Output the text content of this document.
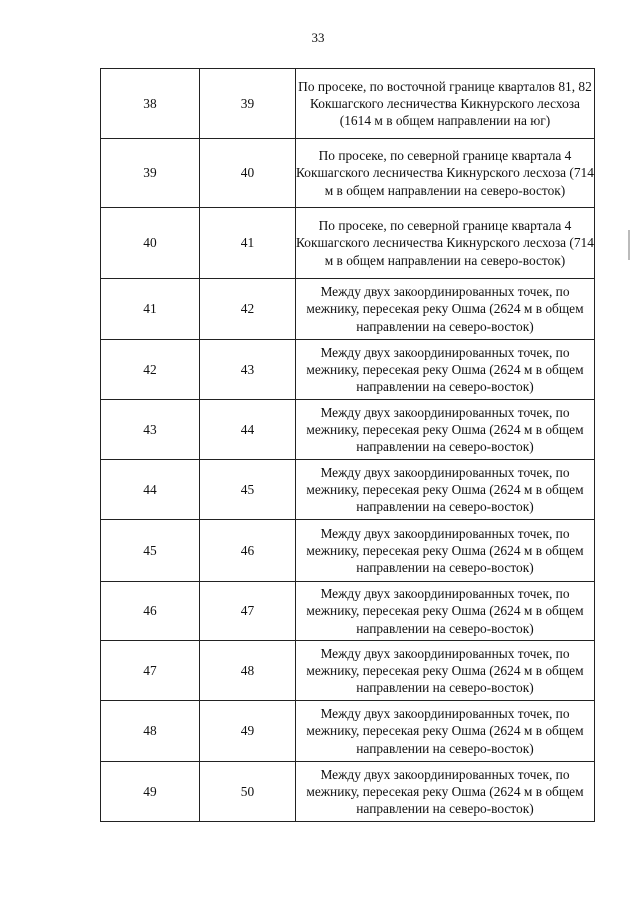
33
38	39	По просеке, по восточной границе кварталов 81, 82 Кокшагского лесничества Кикнурского лесхоза (1614 м в общем направлении на юг)
39	40	По просеке, по северной границе квартала 4 Кокшагского лесничества Кикнурского лесхоза (714 м в общем направлении на северо-восток)
40	41	По просеке, по северной границе квартала 4 Кокшагского лесничества Кикнурского лесхоза (714 м в общем направлении на северо-восток)
41	42	Между двух закоординированных точек, по межнику, пересекая реку Ошма (2624 м в общем направлении на северо-восток)
42	43	Между двух закоординированных точек, по межнику, пересекая реку Ошма (2624 м в общем направлении на северо-восток)
43	44	Между двух закоординированных точек, по межнику, пересекая реку Ошма (2624 м в общем направлении на северо-восток)
44	45	Между двух закоординированных точек, по межнику, пересекая реку Ошма (2624 м в общем направлении на северо-восток)
45	46	Между двух закоординированных точек, по межнику, пересекая реку Ошма (2624 м в общем направлении на северо-восток)
46	47	Между двух закоординированных точек, по межнику, пересекая реку Ошма (2624 м в общем направлении на северо-восток)
47	48	Между двух закоординированных точек, по межнику, пересекая реку Ошма (2624 м в общем направлении на северо-восток)
48	49	Между двух закоординированных точек, по межнику, пересекая реку Ошма (2624 м в общем направлении на северо-восток)
49	50	Между двух закоординированных точек, по межнику, пересекая реку Ошма (2624 м в общем направлении на северо-восток)
